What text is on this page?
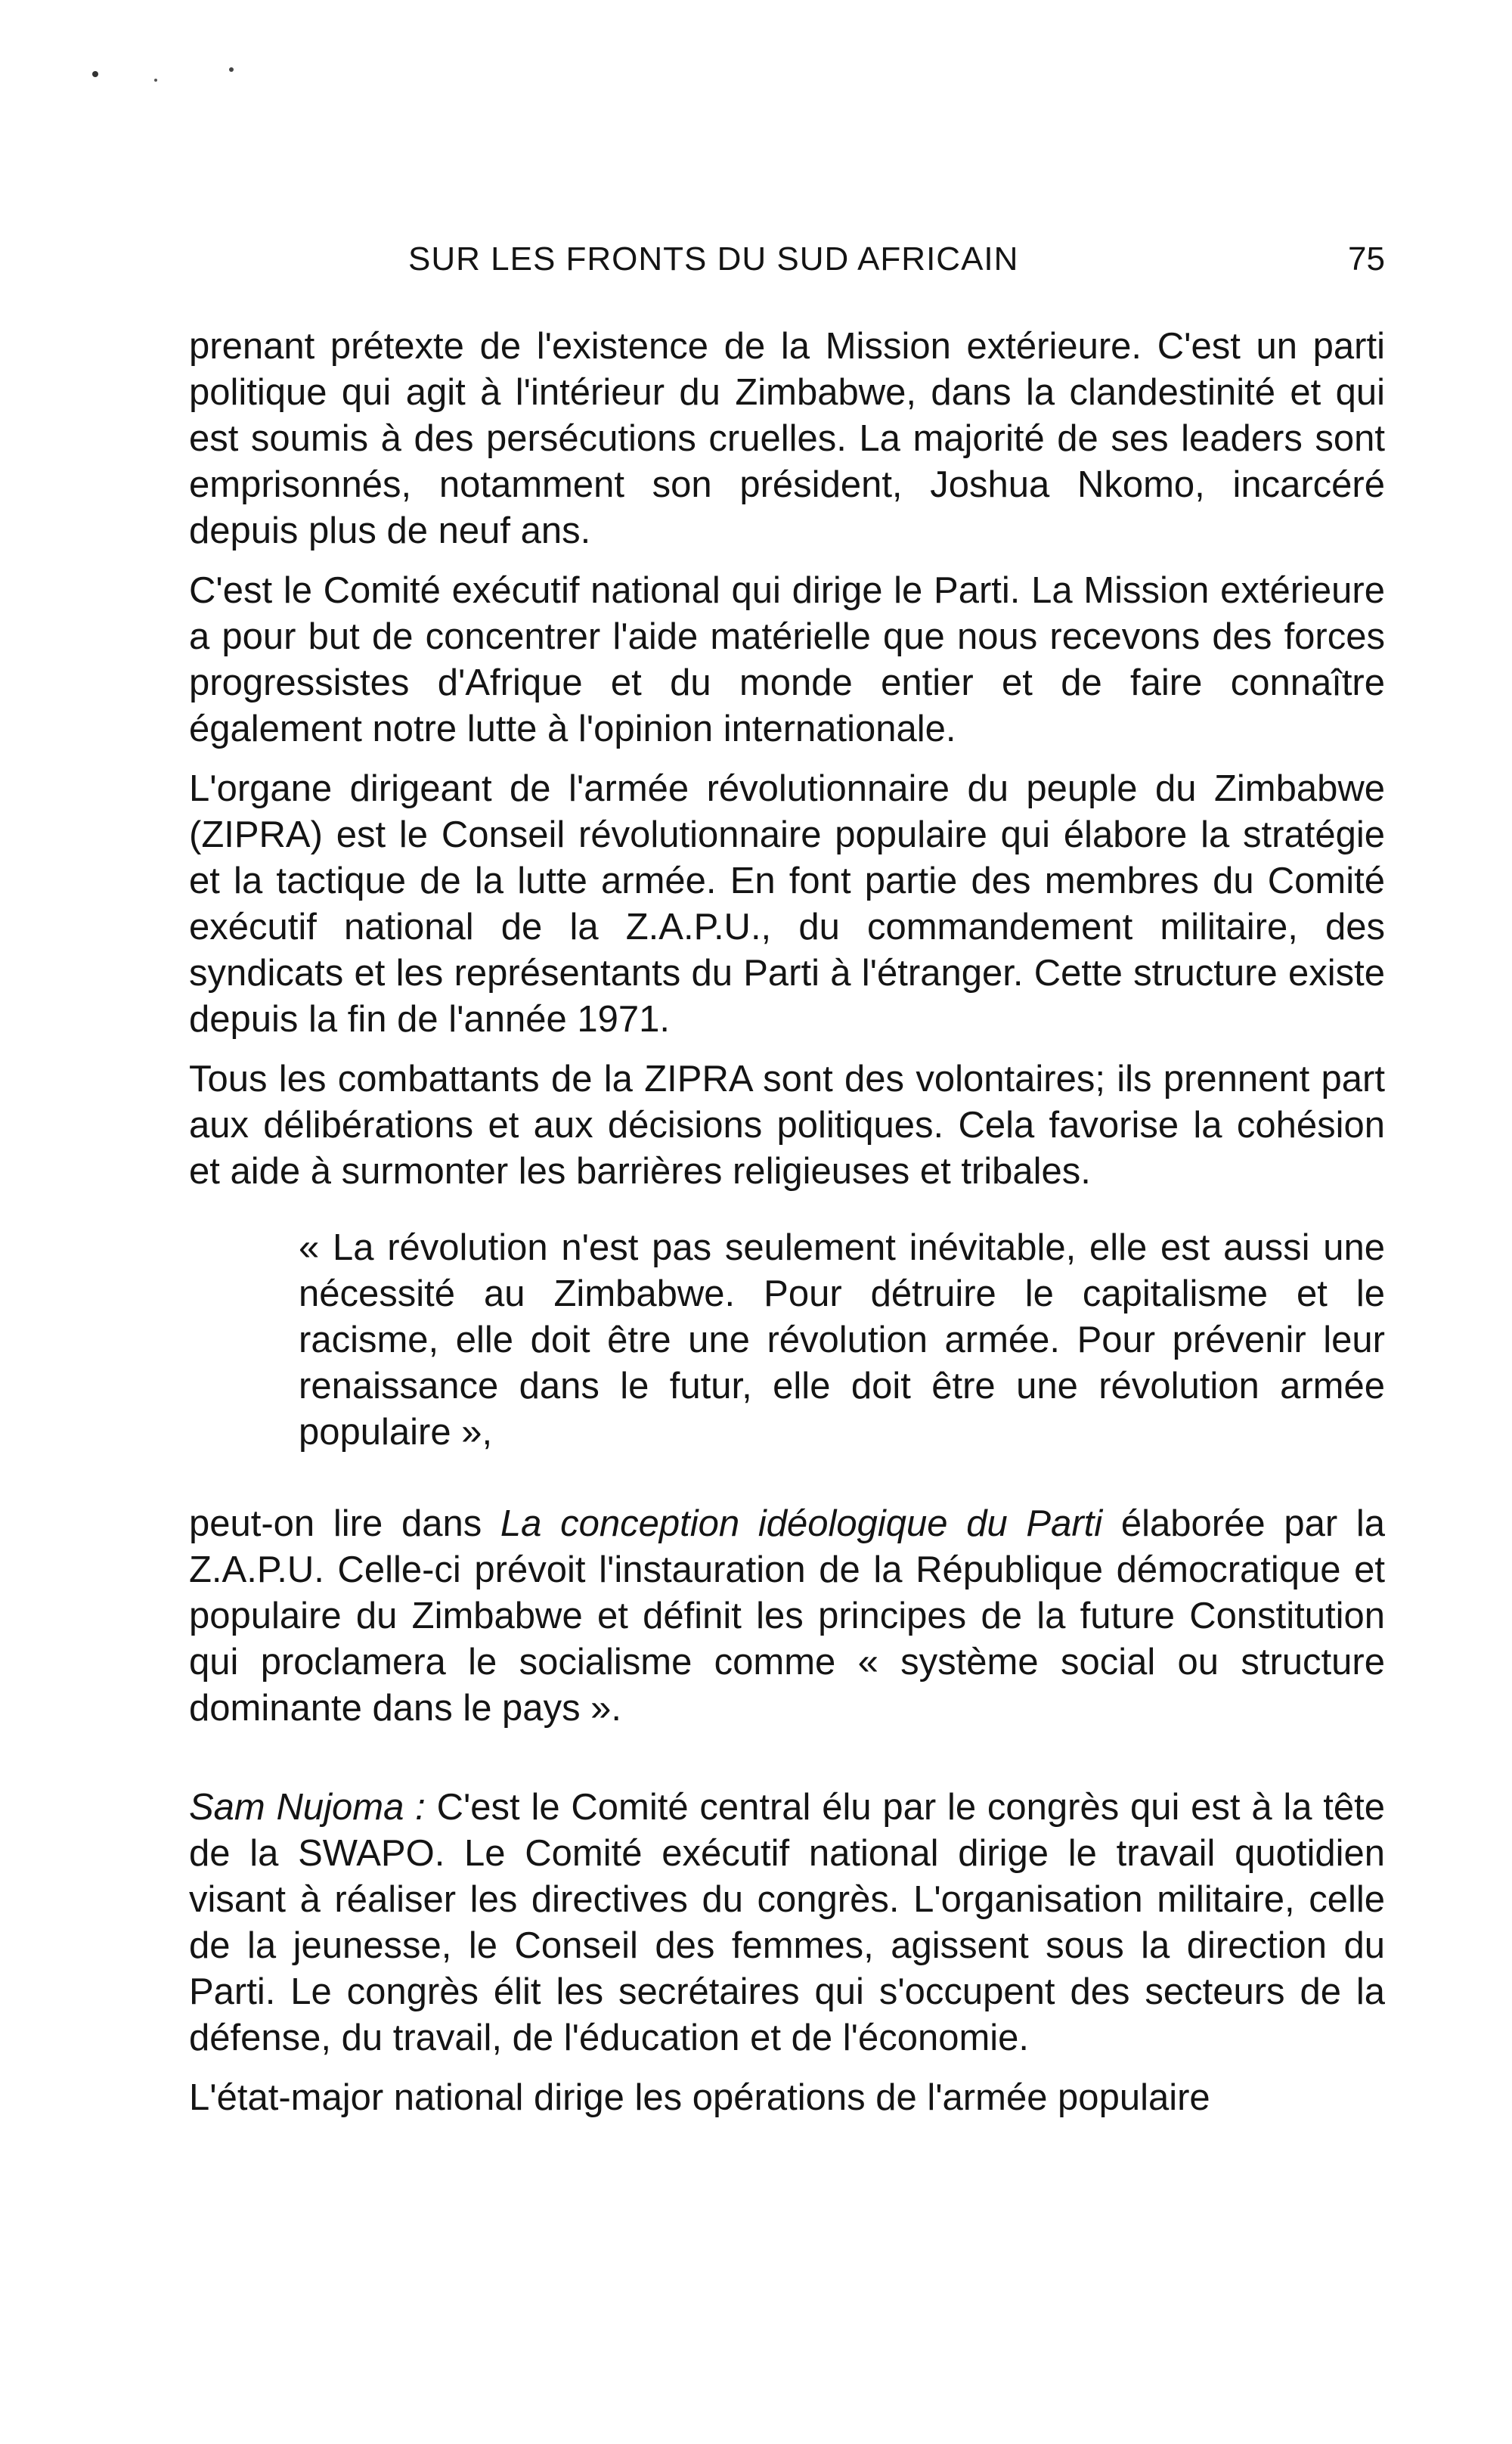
SUR LES FRONTS DU SUD AFRICAIN	75

prenant prétexte de l'existence de la Mission extérieure. C'est un parti politique qui agit à l'intérieur du Zimbabwe, dans la clandestinité et qui est soumis à des persécutions cruelles. La majorité de ses leaders sont emprisonnés, notamment son président, Joshua Nkomo, incarcéré depuis plus de neuf ans.

C'est le Comité exécutif national qui dirige le Parti. La Mission extérieure a pour but de concentrer l'aide matérielle que nous recevons des forces progressistes d'Afrique et du monde entier et de faire connaître également notre lutte à l'opinion internationale.

L'organe dirigeant de l'armée révolutionnaire du peuple du Zimbabwe (ZIPRA) est le Conseil révolutionnaire populaire qui élabore la stratégie et la tactique de la lutte armée. En font partie des membres du Comité exécutif national de la Z.A.P.U., du commandement militaire, des syndicats et les représentants du Parti à l'étranger. Cette structure existe depuis la fin de l'année 1971.

Tous les combattants de la ZIPRA sont des volontaires; ils prennent part aux délibérations et aux décisions politiques. Cela favorise la cohésion et aide à surmonter les barrières religieuses et tribales.

« La révolution n'est pas seulement inévitable, elle est aussi une nécessité au Zimbabwe. Pour détruire le capitalisme et le racisme, elle doit être une révolution armée. Pour prévenir leur renaissance dans le futur, elle doit être une révolution armée populaire »,

peut-on lire dans La conception idéologique du Parti élaborée par la Z.A.P.U. Celle-ci prévoit l'instauration de la République démocratique et populaire du Zimbabwe et définit les principes de la future Constitution qui proclamera le socialisme comme « système social ou structure dominante dans le pays ».

Sam Nujoma : C'est le Comité central élu par le congrès qui est à la tête de la SWAPO. Le Comité exécutif national dirige le travail quotidien visant à réaliser les directives du congrès. L'organisation militaire, celle de la jeunesse, le Conseil des femmes, agissent sous la direction du Parti. Le congrès élit les secrétaires qui s'occupent des secteurs de la défense, du travail, de l'éducation et de l'économie.

L'état-major national dirige les opérations de l'armée populaire
